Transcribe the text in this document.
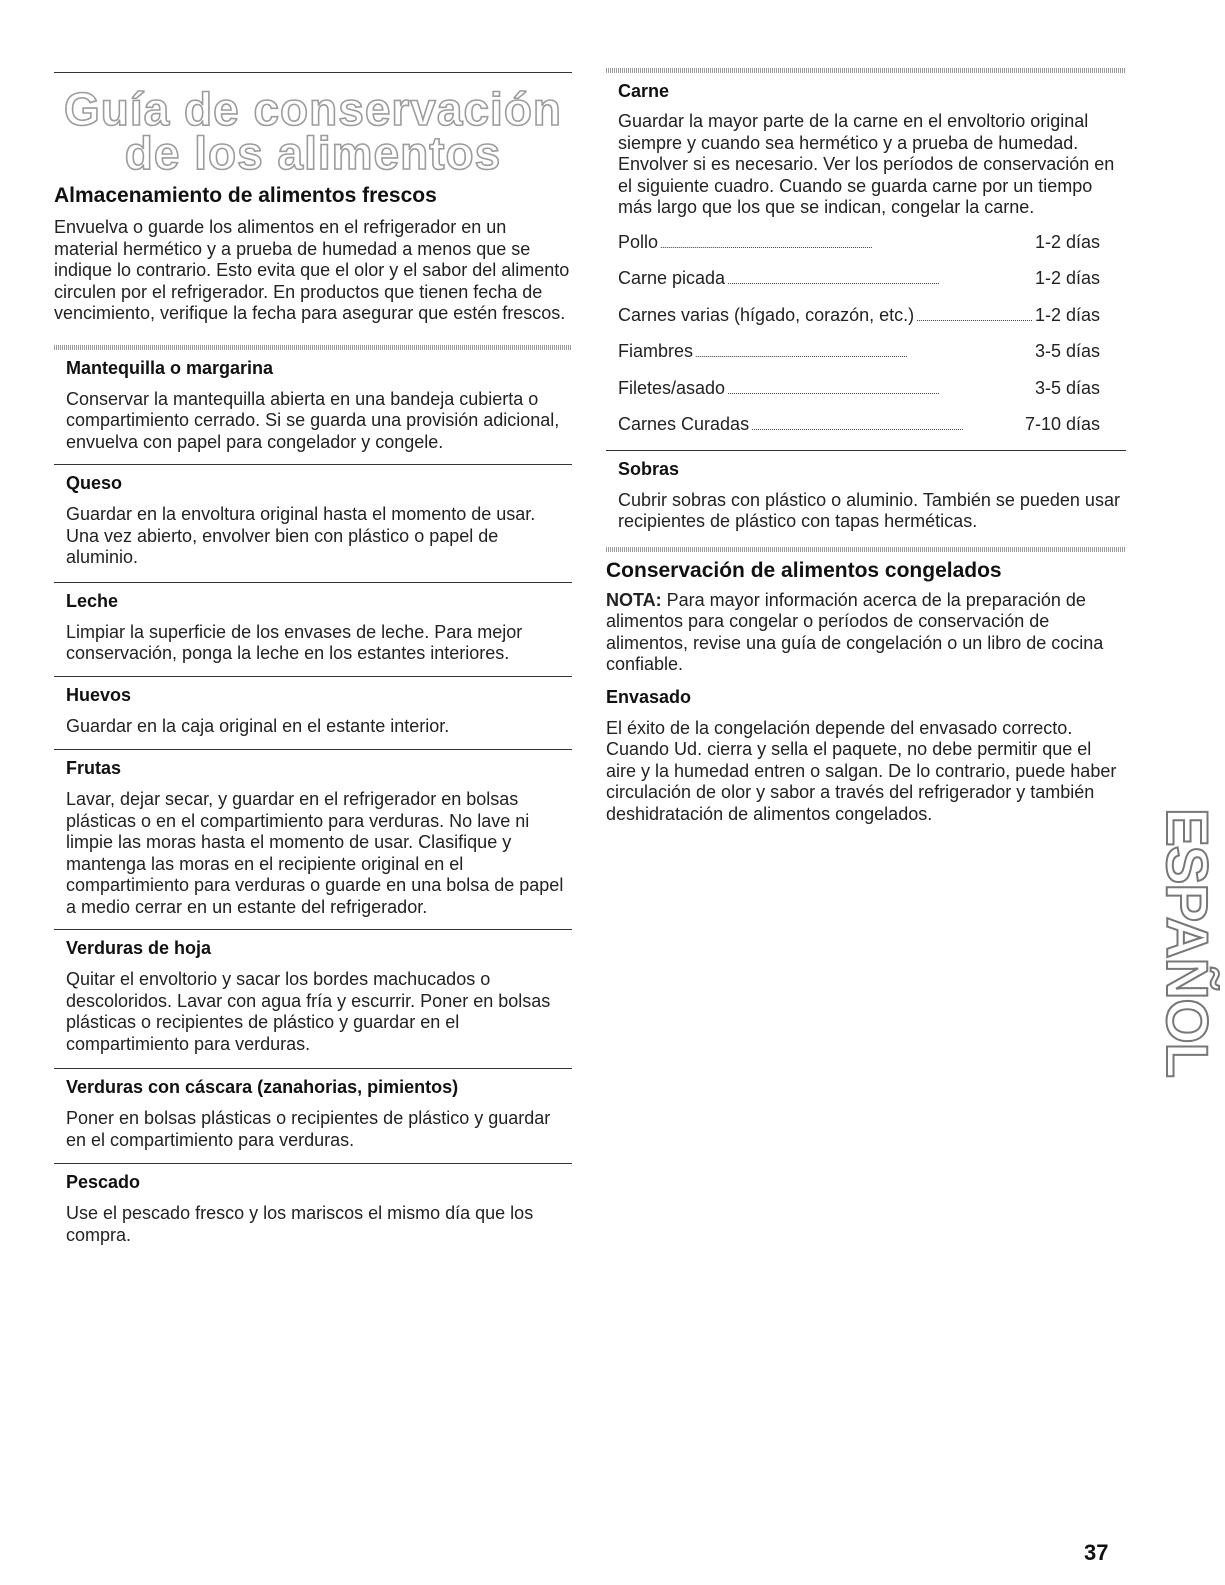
Guía de conservación
de los alimentos
Almacenamiento de alimentos frescos

Envuelva o guarde los alimentos en el refrigerador en un material hermético y a prueba de humedad a menos que se indique lo contrario. Esto evita que el olor y el sabor del alimento circulen por el refrigerador. En productos que tienen fecha de vencimiento, verifique la fecha para asegurar que estén frescos.

Mantequilla o margarina

Conservar la mantequilla abierta en una bandeja cubierta o compartimiento cerrado. Si se guarda una provisión adicional, envuelva con papel para congelador y congele.

Queso

Guardar en la envoltura original hasta el momento de usar. Una vez abierto, envolver bien con plástico o papel de aluminio.

Leche

Limpiar la superficie de los envases de leche. Para mejor conservación, ponga la leche en los estantes interiores.

Huevos

Guardar en la caja original en el estante interior.

Frutas

Lavar, dejar secar, y guardar en el refrigerador en bolsas plásticas o en el compartimiento para verduras. No lave ni limpie las moras hasta el momento de usar. Clasifique y mantenga las moras en el recipiente original en el compartimiento para verduras o guarde en una bolsa de papel a medio cerrar en un estante del refrigerador.

Verduras de hoja

Quitar el envoltorio y sacar los bordes machucados o descoloridos. Lavar con agua fría y escurrir. Poner en bolsas plásticas o recipientes de plástico y guardar en el compartimiento para verduras.

Verduras con cáscara (zanahorias, pimientos)

Poner en bolsas plásticas o recipientes de plástico y guardar en el compartimiento para verduras.

Pescado

Use el pescado fresco y los mariscos el mismo día que los compra.

Carne

Guardar la mayor parte de la carne en el envoltorio original siempre y cuando sea hermético y a prueba de humedad. Envolver si es necesario. Ver los períodos de conservación en el siguiente cuadro. Cuando se guarda carne por un tiempo más largo que los que se indican, congelar la carne.

Pollo . . .	1-2 días
Carne picada . . .	1-2 días
Carnes varias (hígado, corazón, etc.) . . .	1-2 días
Fiambres . . .	3-5 días
Filetes/asado . . .	3-5 días
Carnes Curadas . . .	7-10 días
Sobras

Cubrir sobras con plástico o aluminio. También se pueden usar recipientes de plástico con tapas herméticas.

Conservación de alimentos congelados

NOTA: Para mayor información acerca de la preparación de alimentos para congelar o períodos de conservación de alimentos, revise una guía de congelación o un libro de cocina confiable.

Envasado

El éxito de la congelación depende del envasado correcto. Cuando Ud. cierra y sella el paquete, no debe permitir que el aire y la humedad entren o salgan. De lo contrario, puede haber circulación de olor y sabor a través del refrigerador y también deshidratación de alimentos congelados.	ESPAÑOL
37
